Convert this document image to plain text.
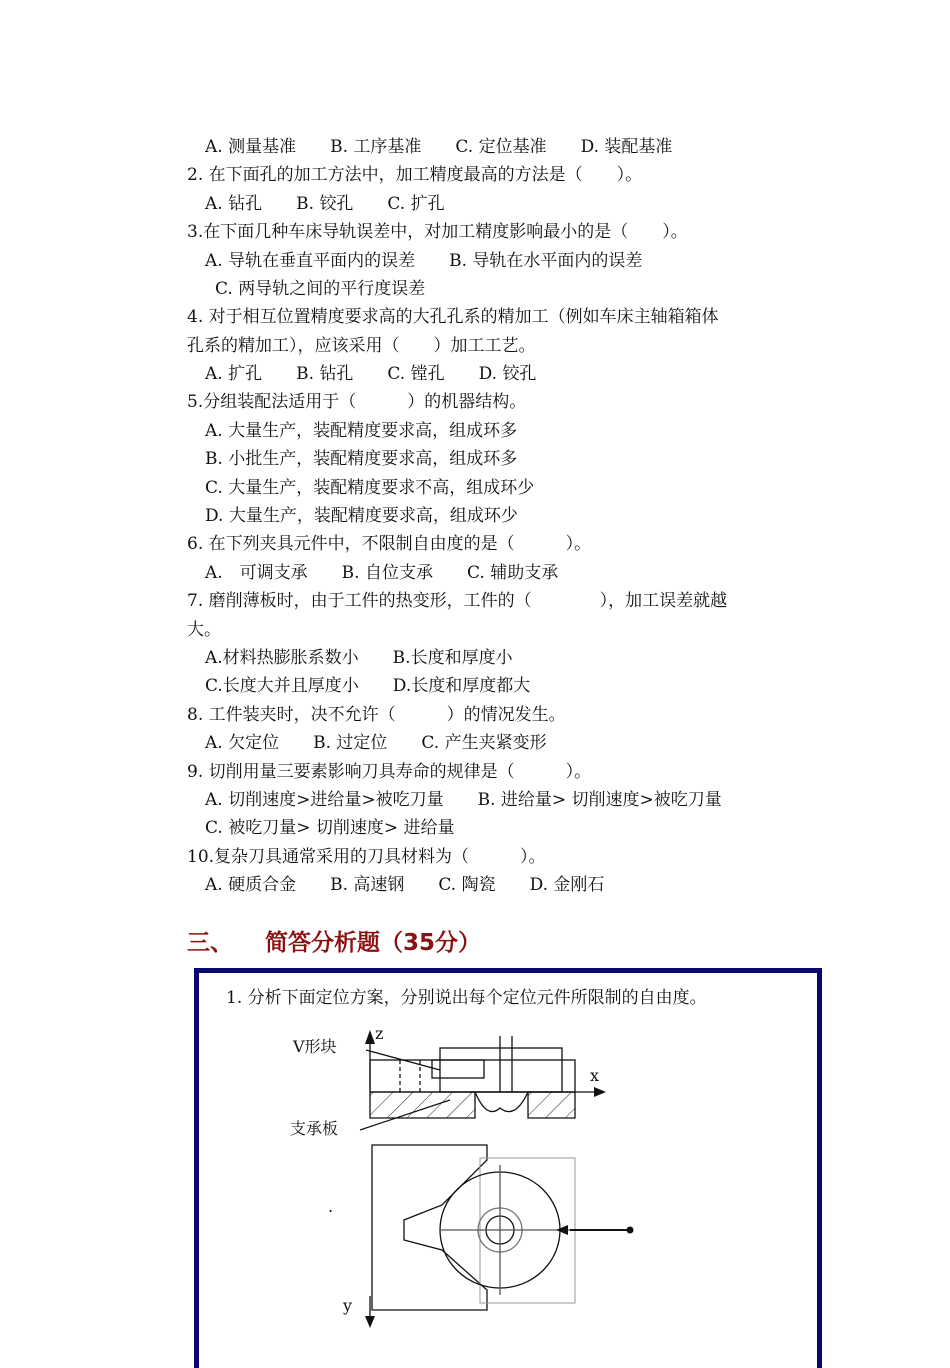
A. 测量基准　　B. 工序基准　　C. 定位基准　　D. 装配基准
2. 在下面孔的加工方法中，加工精度最高的方法是（　　）。
A. 钻孔　　B. 铰孔　　C. 扩孔
3.在下面几种车床导轨误差中，对加工精度影响最小的是（　　）。
A. 导轨在垂直平面内的误差　　B. 导轨在水平面内的误差
C. 两导轨之间的平行度误差
4. 对于相互位置精度要求高的大孔孔系的精加工（例如车床主轴箱箱体
孔系的精加工），应该采用（　　）加工工艺。
A. 扩孔　　B. 钻孔　　C. 镗孔　　D. 铰孔
5.分组装配法适用于（　　　）的机器结构。
A. 大量生产，装配精度要求高，组成环多
B. 小批生产，装配精度要求高，组成环多
C. 大量生产，装配精度要求不高，组成环少
D. 大量生产，装配精度要求高，组成环少
6. 在下列夹具元件中，不限制自由度的是（　　　）。
A.　可调支承　　B. 自位支承　　C. 辅助支承
7. 磨削薄板时，由于工件的热变形，工件的（　　　　），加工误差就越
大。
A.材料热膨胀系数小　　B.长度和厚度小
C.长度大并且厚度小　　D.长度和厚度都大
8. 工件装夹时，决不允许（　　　）的情况发生。
A. 欠定位　　B. 过定位　　C. 产生夹紧变形
9. 切削用量三要素影响刀具寿命的规律是（　　　）。
A. 切削速度>进给量>被吃刀量　　B. 进给量> 切削速度>被吃刀量
C. 被吃刀量> 切削速度> 进给量
10.复杂刀具通常采用的刀具材料为（　　　）。
A. 硬质合金　　B. 高速钢　　C. 陶瓷　　D. 金刚石
三、 简答分析题（35分）
1. 分析下面定位方案，分别说出每个定位元件所限制的自由度。
V形块
支承板
z
x
y
.
